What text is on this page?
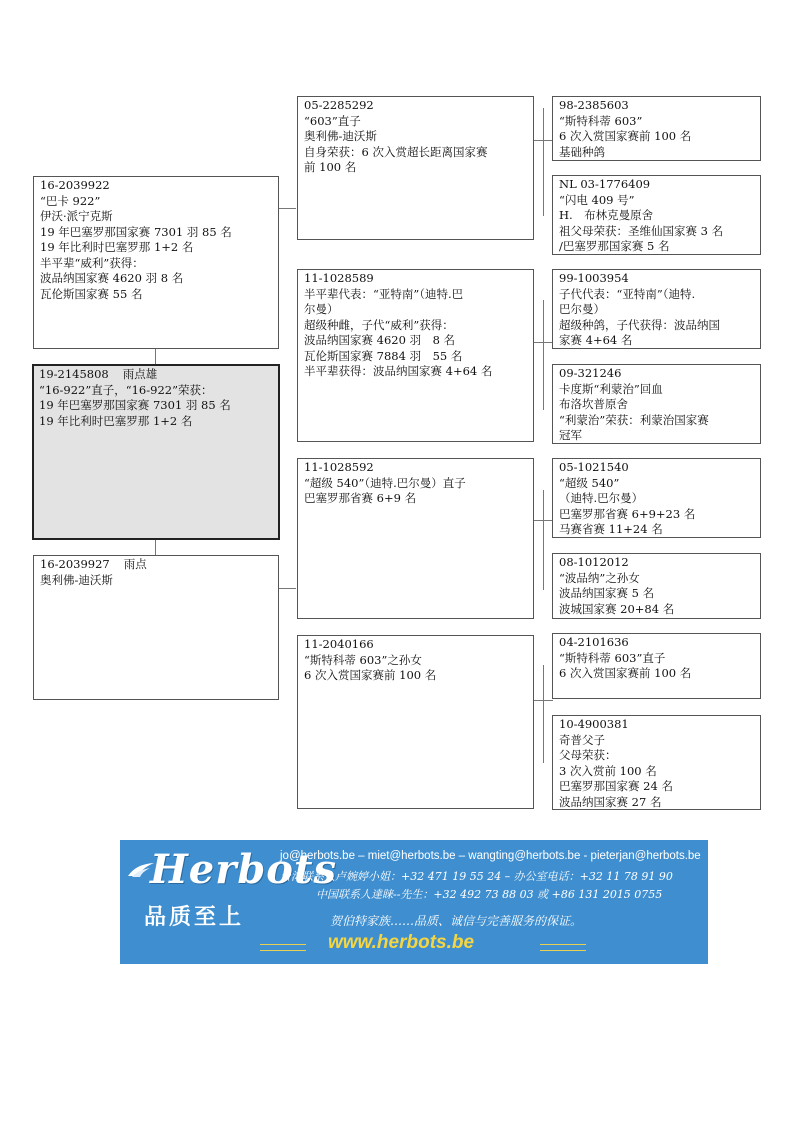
16-2039922
“巴卡 922”
伊沃·派宁克斯
19 年巴塞罗那国家赛 7301 羽 85 名
19 年比利时巴塞罗那 1+2 名
半平辈“威利”获得：
波品纳国家赛 4620 羽 8 名
瓦伦斯国家赛 55 名
19-2145808 雨点雄
“16-922”直子，“16-922”荣获：
19 年巴塞罗那国家赛 7301 羽 85 名
19 年比利时巴塞罗那 1+2 名
16-2039927 雨点
奥利佛-迪沃斯
05-2285292
“603”直子
奥利佛-迪沃斯
自身荣获：6 次入赏超长距离国家赛
前 100 名
11-1028589
半平辈代表：“亚特南”（迪特.巴
尔曼）
超级种雌，子代“威利”获得：
波品纳国家赛 4620 羽　8 名
瓦伦斯国家赛 7884 羽　55 名
半平辈获得：波品纳国家赛 4+64 名
11-1028592
“超级 540”（迪特.巴尔曼）直子
巴塞罗那省赛 6+9 名
11-2040166
“斯特科蒂 603”之孙女
6 次入赏国家赛前 100 名
98-2385603
“斯特科蒂 603”
6 次入赏国家赛前 100 名
基础种鸽
NL 03-1776409
“闪电 409 号”
H.　布林克曼原舍
祖父母荣获：圣维仙国家赛 3 名
/巴塞罗那国家赛 5 名
99-1003954
子代代表：“亚特南”（迪特.
巴尔曼）
超级种鸽，子代获得：波品纳国
家赛 4+64 名
09-321246
卡度斯“利蒙治”回血
布洛坎普原舍
“利蒙治”荣获：利蒙治国家赛
冠军
05-1021540
“超级 540”
（迪特.巴尔曼）
巴塞罗那省赛 6+9+23 名
马赛省赛 11+24 名
08-1012012
“波品纳”之孙女
波品纳国家赛 5 名
波城国家赛 20+84 名
04-2101636
“斯特科蒂 603”直子
6 次入赏国家赛前 100 名
10-4900381
奇普父子
父母荣获：
3 次入赏前 100 名
巴塞罗那国家赛 24 名
波品纳国家赛 27 名
Herbots
品质至上
jo@herbots.be – miet@herbots.be – wangting@herbots.be - pieterjan@herbots.be
台湾联系人卢婉婷小姐：+32 471 19 55 24 – 办公室电话：+32 11 78 91 90
中国联系人達睐--先生：+32 492 73 88 03 或 +86 131 2015 0755
贺伯特家族……品质、诚信与完善服务的保证。
www.herbots.be
